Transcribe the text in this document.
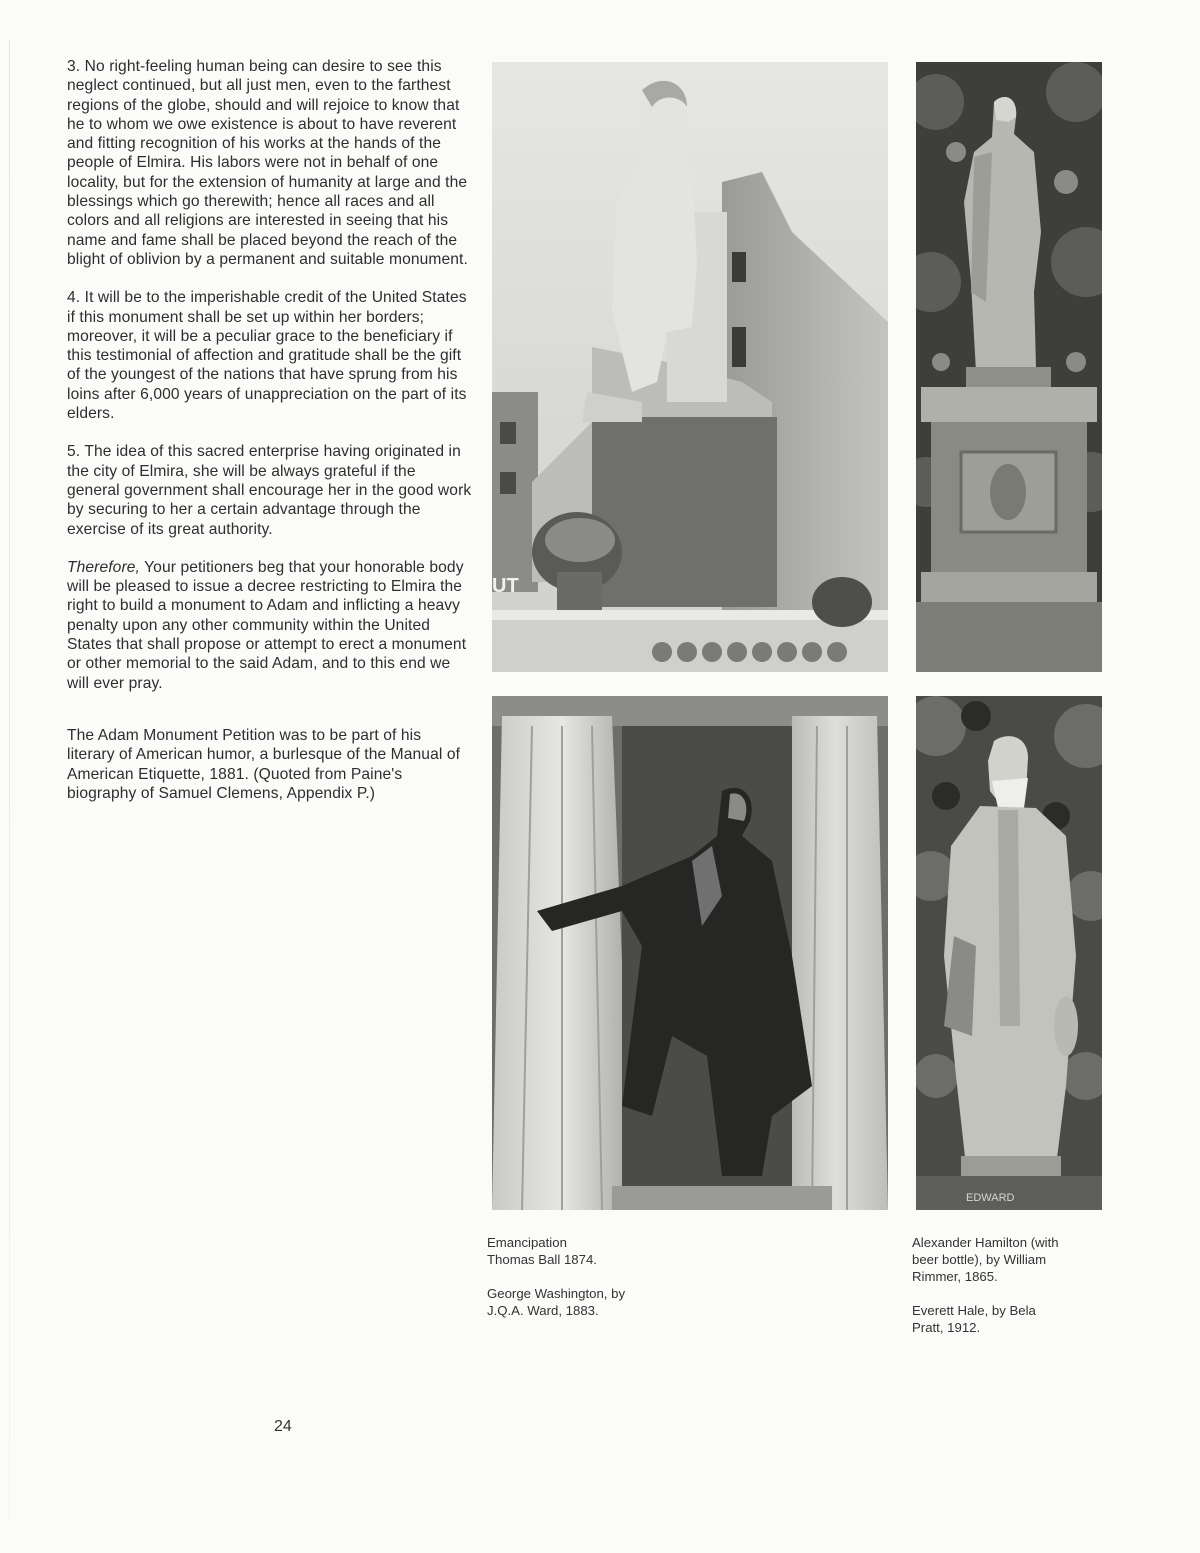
3. No right-feeling human being can desire to see this neglect continued, but all just men, even to the farthest regions of the globe, should and will rejoice to know that he to whom we owe existence is about to have reverent and fitting recognition of his works at the hands of the people of Elmira. His labors were not in behalf of one locality, but for the extension of humanity at large and the blessings which go therewith; hence all races and all colors and all religions are interested in seeing that his name and fame shall be placed beyond the reach of the blight of oblivion by a permanent and suitable monument.

4. It will be to the imperishable credit of the United States if this monument shall be set up within her borders; moreover, it will be a peculiar grace to the beneficiary if this testimonial of affection and gratitude shall be the gift of the youngest of the nations that have sprung from his loins after 6,000 years of unappreciation on the part of its elders.

5. The idea of this sacred enterprise having originated in the city of Elmira, she will be always grateful if the general government shall encourage her in the good work by securing to her a certain advantage through the exercise of its great authority.

Therefore, Your petitioners beg that your honorable body will be pleased to issue a decree restricting to Elmira the right to build a monument to Adam and inflicting a heavy penalty upon any other community within the United States that shall propose or attempt to erect a monument or other memorial to the said Adam, and to this end we will ever pray.

The Adam Monument Petition was to be part of his literary of American humor, a burlesque of the Manual of American Etiquette, 1881. (Quoted from Paine's biography of Samuel Clemens, Appendix P.)

UT
EDWARD
Emancipation
Thomas Ball 1874.
George Washington, by
J.Q.A. Ward, 1883.
Alexander Hamilton (with
beer bottle), by William
Rimmer, 1865.
Everett Hale, by Bela
Pratt, 1912.
24
